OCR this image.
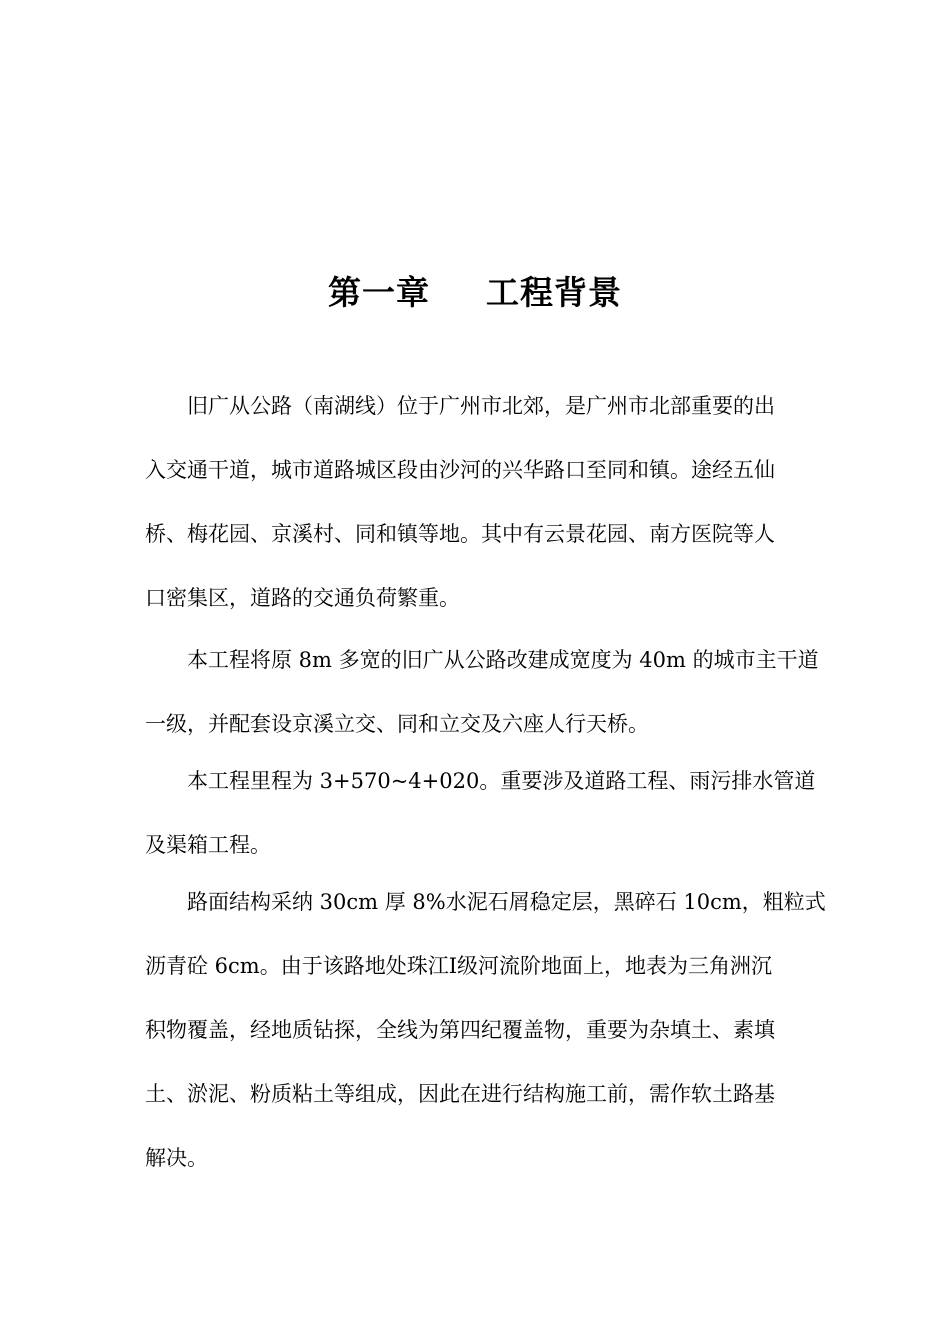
第一章 工程背景
旧广从公路（南湖线）位于广州市北郊，是广州市北部重要的出
入交通干道，城市道路城区段由沙河的兴华路口至同和镇。途经五仙
桥、梅花园、京溪村、同和镇等地。其中有云景花园、南方医院等人
口密集区，道路的交通负荷繁重。
本工程将原 8m 多宽的旧广从公路改建成宽度为 40m 的城市主干道
一级，并配套设京溪立交、同和立交及六座人行天桥。
本工程里程为 3+570~4+020。重要涉及道路工程、雨污排水管道
及渠箱工程。
路面结构采纳 30cm 厚 8%水泥石屑稳定层，黑碎石 10cm，粗粒式
沥青砼 6cm。由于该路地处珠江Ⅰ级河流阶地面上，地表为三角洲沉
积物覆盖，经地质钻探，全线为第四纪覆盖物，重要为杂填土、素填
土、淤泥、粉质粘土等组成，因此在进行结构施工前，需作软土路基
解决。
